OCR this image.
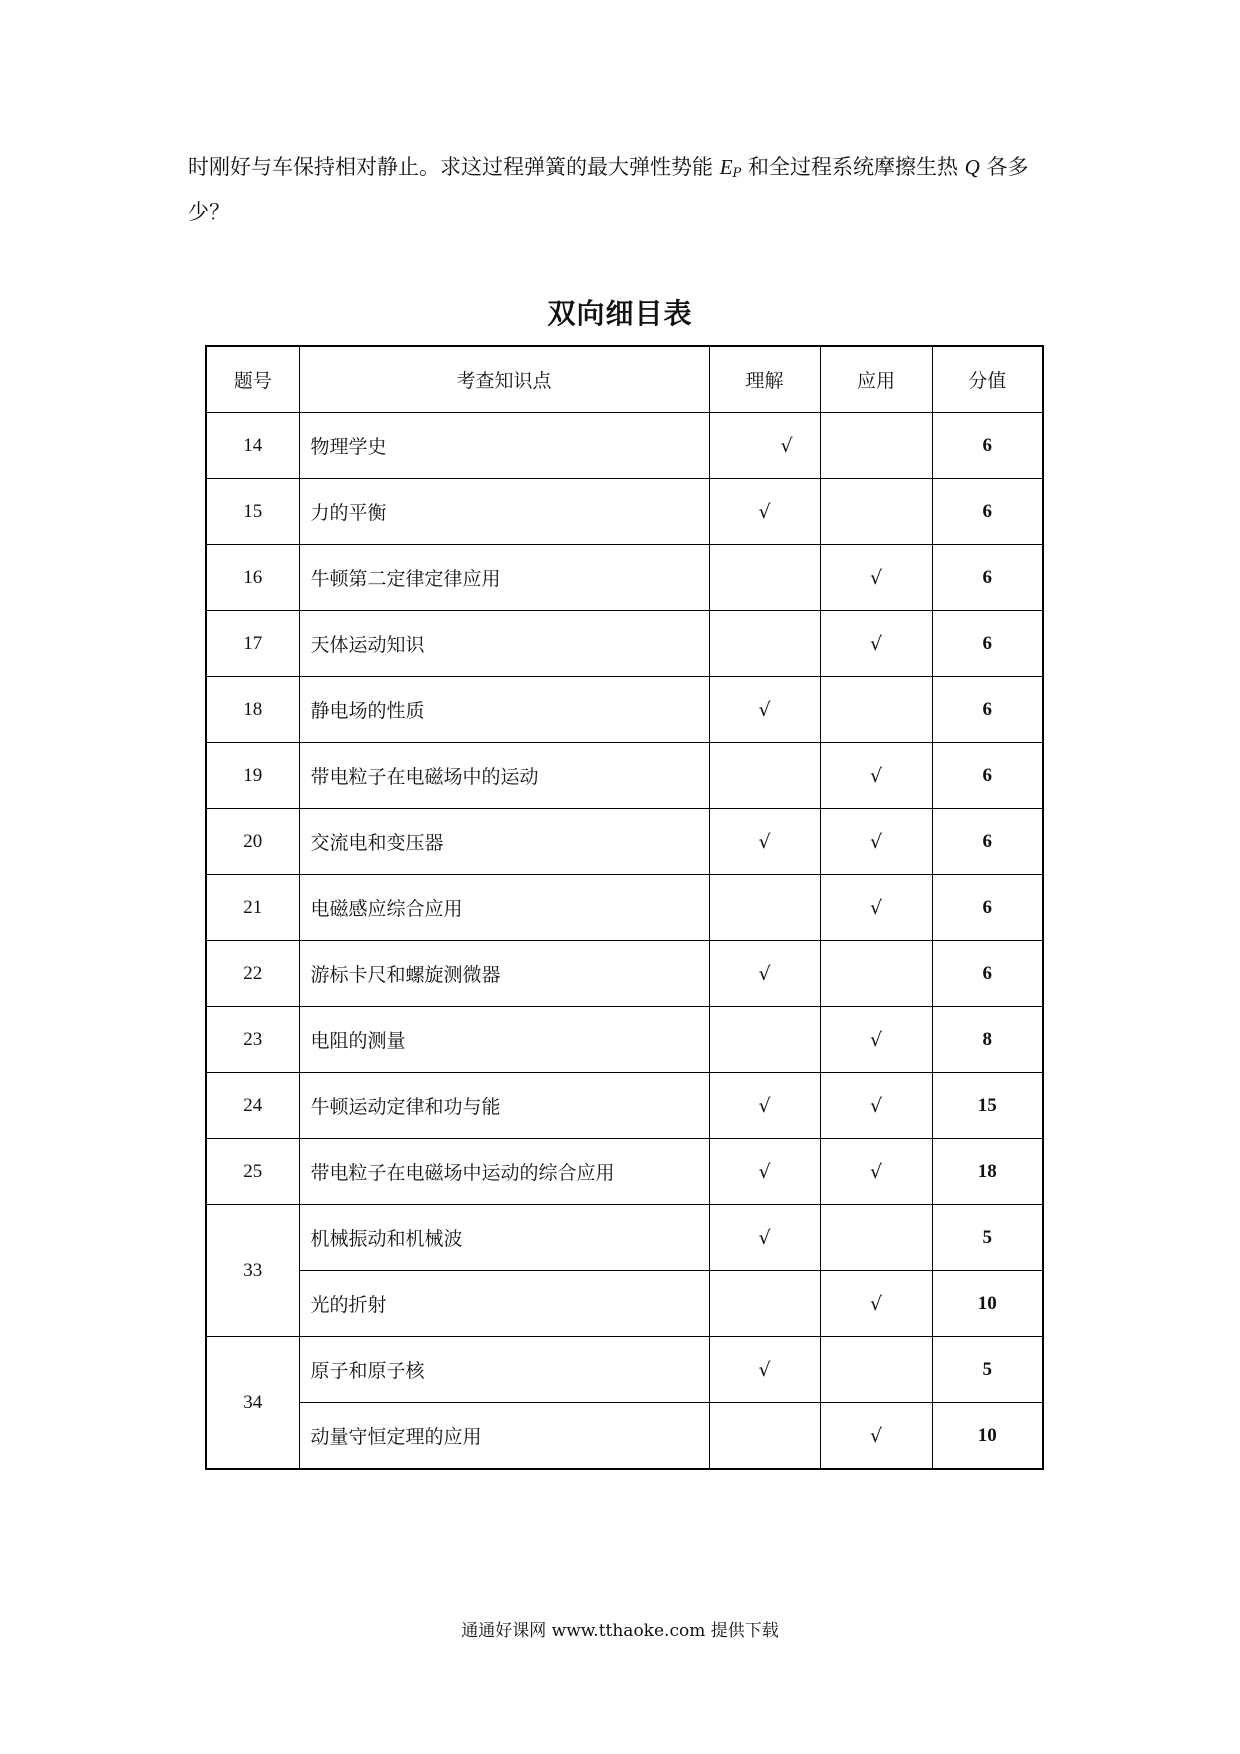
时刚好与车保持相对静止。求这过程弹簧的最大弹性势能 $E_P$ 和全过程系统摩擦生热 Q 各多少？

双向细目表
题号	考查知识点	理解	应用	分值
14	物理学史	√		6
15	力的平衡	√		6
16	牛顿第二定律定律应用		√	6
17	天体运动知识		√	6
18	静电场的性质	√		6
19	带电粒子在电磁场中的运动		√	6
20	交流电和变压器	√	√	6
21	电磁感应综合应用		√	6
22	游标卡尺和螺旋测微器	√		6
23	电阻的测量		√	8
24	牛顿运动定律和功与能	√	√	15
25	带电粒子在电磁场中运动的综合应用	√	√	18
33	机械振动和机械波	√		5
	光的折射		√	10
34	原子和原子核	√		5
	动量守恒定理的应用		√	10

通通好课网 www.tthaoke.com 提供下载
